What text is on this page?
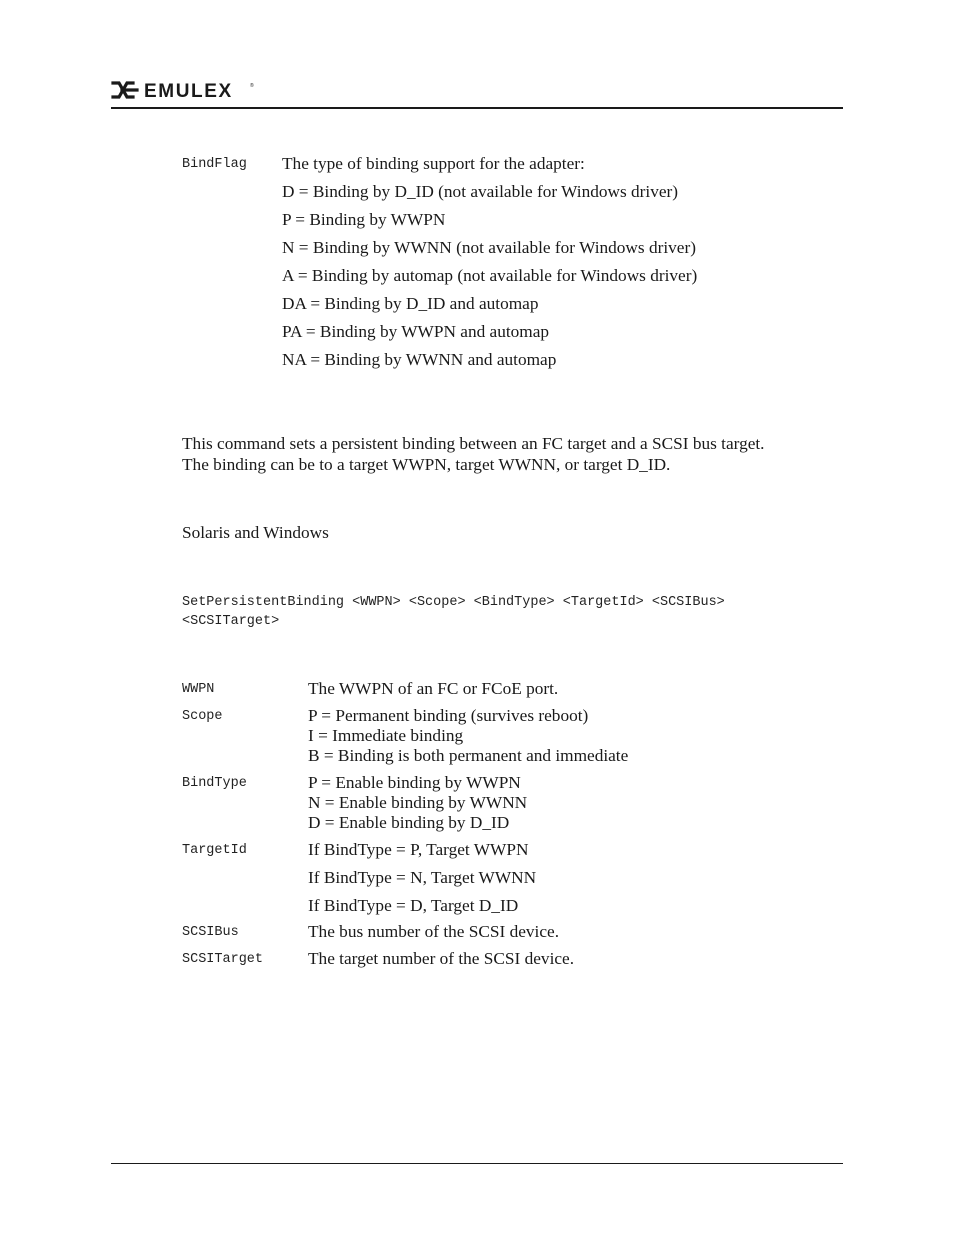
EMULEX	®
BindFlag The type of binding support for the adapter:
D = Binding by D_ID (not available for Windows driver)
P = Binding by WWPN
N = Binding by WWNN (not available for Windows driver)
A = Binding by automap (not available for Windows driver)
DA = Binding by D_ID and automap
PA = Binding by WWPN and automap
NA = Binding by WWNN and automap
This command sets a persistent binding between an FC target and a SCSI bus target.
The binding can be to a target WWPN, target WWNN, or target D_ID.
Solaris and Windows
SetPersistentBinding <WWPN> <Scope> <BindType> <TargetId> <SCSIBus>
<SCSITarget>
WWPN	The WWPN of an FC or FCoE port.
Scope	P = Permanent binding (survives reboot)
I = Immediate binding
B = Binding is both permanent and immediate
BindType	P = Enable binding by WWPN
N = Enable binding by WWNN
D = Enable binding by D_ID
TargetId	If BindType = P, Target WWPN
If BindType = N, Target WWNN
If BindType = D, Target D_ID
SCSIBus	The bus number of the SCSI device.
SCSITarget	The target number of the SCSI device.
